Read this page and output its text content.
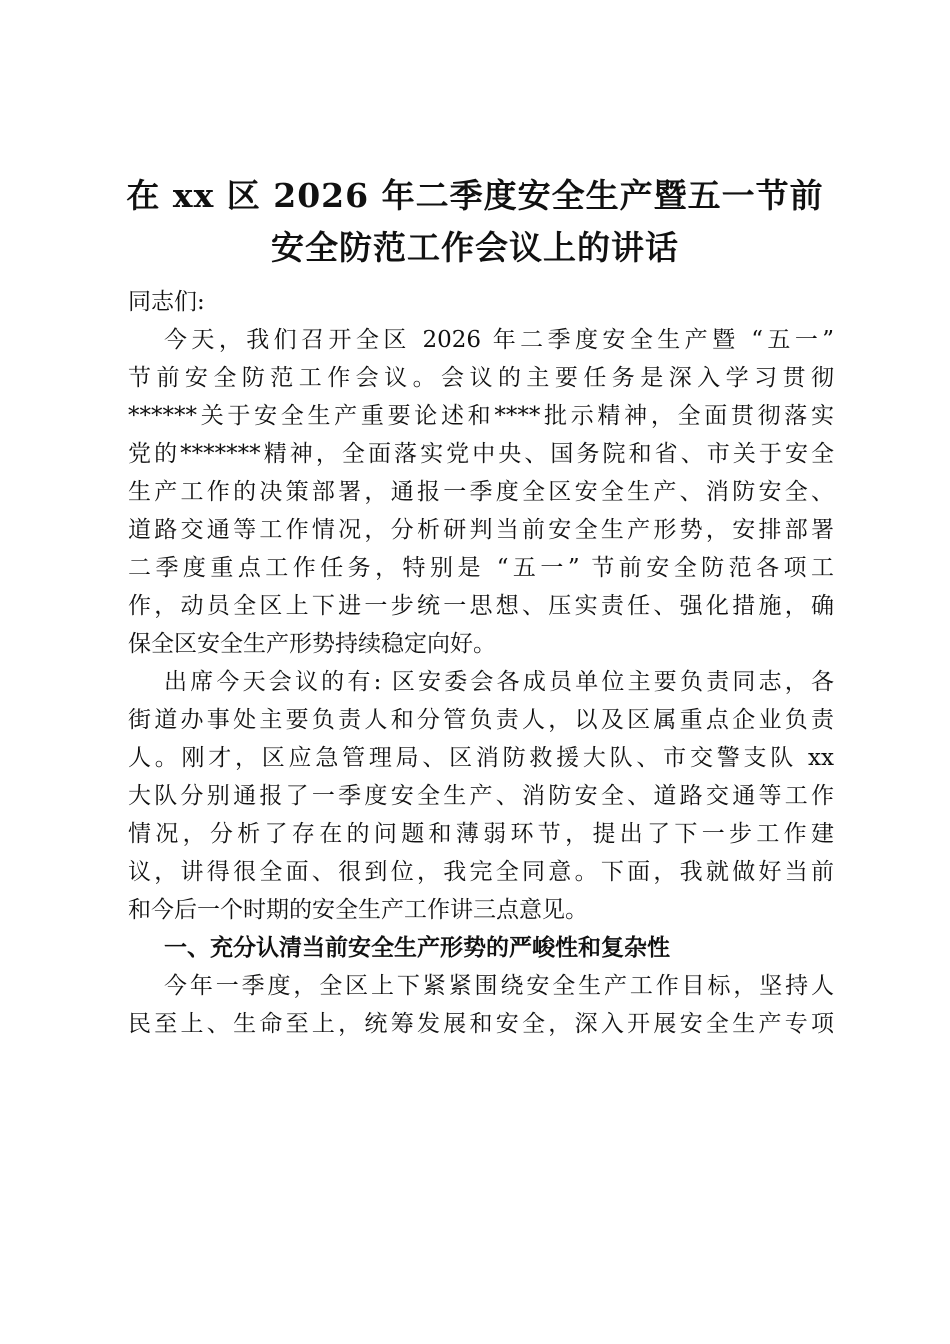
在 xx 区 2026 年二季度安全生产暨五一节前
安全防范工作会议上的讲话
同志们:
今天，我们召开全区 2026 年二季度安全生产暨 “五一”
节前安全防范工作会议。会议的主要任务是深入学习贯彻
******关于安全生产重要论述和****批示精神，全面贯彻落实
党的*******精神，全面落实党中央、国务院和省、市关于安全
生产工作的决策部署，通报一季度全区安全生产、消防安全、
道路交通等工作情况，分析研判当前安全生产形势，安排部署
二季度重点工作任务，特别是 “五一” 节前安全防范各项工
作，动员全区上下进一步统一思想、压实责任、强化措施，确
保全区安全生产形势持续稳定向好。
出席今天会议的有: 区安委会各成员单位主要负责同志，各
街道办事处主要负责人和分管负责人，以及区属重点企业负责
人。刚才，区应急管理局、区消防救援大队、市交警支队 xx
大队分别通报了一季度安全生产、消防安全、道路交通等工作
情况，分析了存在的问题和薄弱环节，提出了下一步工作建
议，讲得很全面、很到位，我完全同意。下面，我就做好当前
和今后一个时期的安全生产工作讲三点意见。
一、充分认清当前安全生产形势的严峻性和复杂性
今年一季度，全区上下紧紧围绕安全生产工作目标，坚持人
民至上、生命至上，统筹发展和安全，深入开展安全生产专项
